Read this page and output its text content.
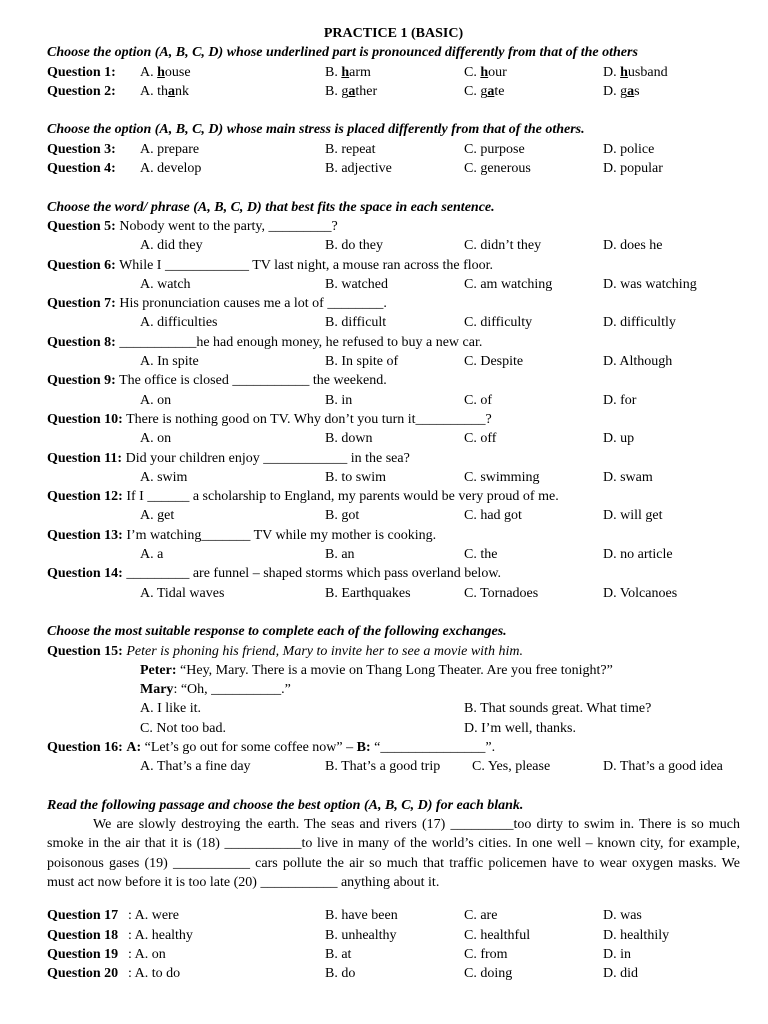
PRACTICE 1 (BASIC)
Choose the option (A, B, C, D) whose underlined part is pronounced differently from that of the others
Question 1: A. house	B. harm	C. hour	D. husband
Question 2: A. thank	B. gather	C. gate	D. gas
Choose the option (A, B, C, D) whose main stress is placed differently from that of the others.
Question 3: A. prepare	B. repeat	C. purpose	D. police
Question 4: A. develop	B. adjective	C. generous	D. popular
Choose the word/ phrase (A, B, C, D) that best fits the space in each sentence.
Question 5: Nobody went to the party, _________?
A. did they	B. do they	C. didn’t they	D. does he
Question 6: While I ____________ TV last night, a mouse ran across the floor.
A. watch	B. watched	C. am watching	D. was watching
Question 7: His pronunciation causes me a lot of ________.
A. difficulties	B. difficult	C. difficulty	D. difficultly
Question 8: ___________he had enough money, he refused to buy a new car.
A. In spite	B. In spite of	C. Despite	D. Although
Question 9: The office is closed ___________ the weekend.
A. on	B. in	C. of	D. for
Question 10: There is nothing good on TV. Why don’t you turn it__________?
A. on	B. down	C. off	D. up
Question 11: Did your children enjoy ____________ in the sea?
A. swim	B. to swim	C. swimming	D. swam
Question 12: If I ______ a scholarship to England, my parents would be very proud of me.
A. get	B. got	C. had got	D. will get
Question 13: I’m watching_______ TV while my mother is cooking.
A. a	B. an	C. the	D. no article
Question 14: _________ are funnel – shaped storms which pass overland below.
A. Tidal waves	B. Earthquakes	C. Tornadoes	D. Volcanoes
Choose the most suitable response to complete each of the following exchanges.
Question 15: Peter is phoning his friend, Mary to invite her to see a movie with him.
Peter: “Hey, Mary. There is a movie on Thang Long Theater. Are you free tonight?”
Mary: “Oh, __________.”
A. I like it.	B. That sounds great. What time?
C. Not too bad.	D. I’m well, thanks.
Question 16: A: “Let’s go out for some coffee now” – B: “_______________”.
A. That’s a fine day	B. That’s a good trip C. Yes, please	D. That’s a good idea
Read the following passage and choose the best option (A, B, C, D) for each blank.
We are slowly destroying the earth. The seas and rivers (17) _________too dirty to swim in. There is so much smoke in the air that it is (18) ___________to live in many of the world’s cities. In one well – known city, for example, poisonous gases (19) ___________ cars pollute the air so much that traffic policemen have to wear oxygen masks. We must act now before it is too late (20) ___________ anything about it.
Question 17 : A. were	B. have been	C. are	D. was
Question 18 : A. healthy	B. unhealthy	C. healthful	D. healthily
Question 19 : A. on	B. at	C. from	D. in
Question 20 : A. to do	B. do	C. doing	D. did
